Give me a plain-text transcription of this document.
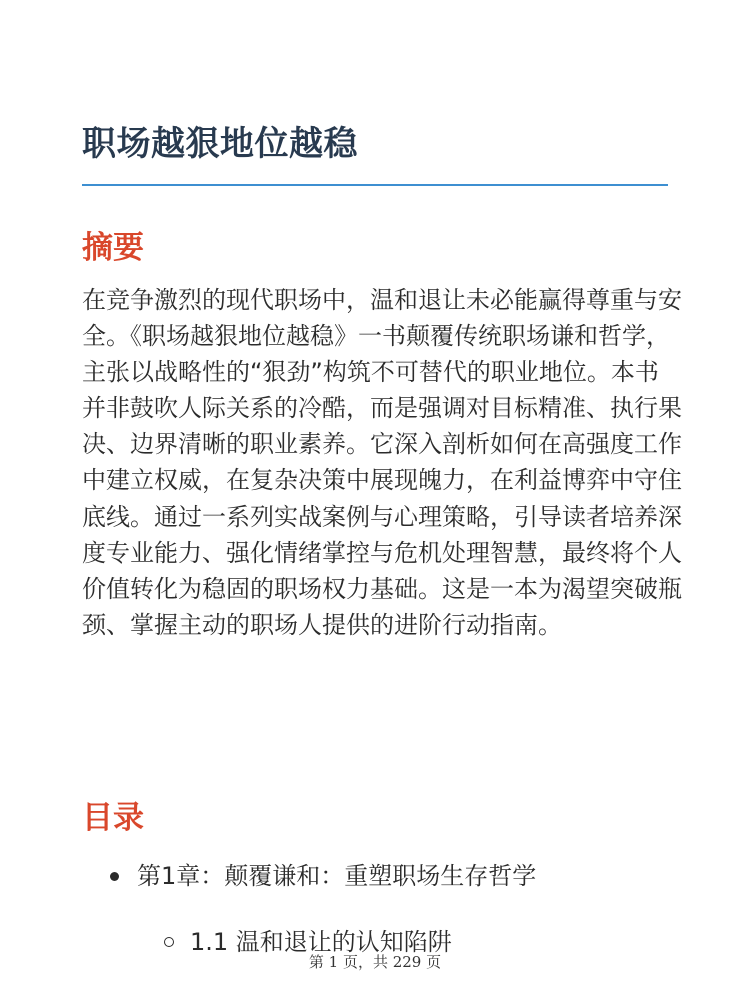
职场越狠地位越稳
摘要

在竞争激烈的现代职场中，温和退让未必能赢得尊重与安全。《职场越狠地位越稳》一书颠覆传统职场谦和哲学，主张以战略性的“狠劲”构筑不可替代的职业地位。本书并非鼓吹人际关系的冷酷，而是强调对目标精准、执行果决、边界清晰的职业素养。它深入剖析如何在高强度工作中建立权威，在复杂决策中展现魄力，在利益博弈中守住底线。通过一系列实战案例与心理策略，引导读者培养深度专业能力、强化情绪掌控与危机处理智慧，最终将个人价值转化为稳固的职场权力基础。这是一本为渴望突破瓶颈、掌握主动的职场人提供的进阶行动指南。

目录
第1章：颠覆谦和：重塑职场生存哲学
1.1 温和退让的认知陷阱
第 1 页，共 229 页
